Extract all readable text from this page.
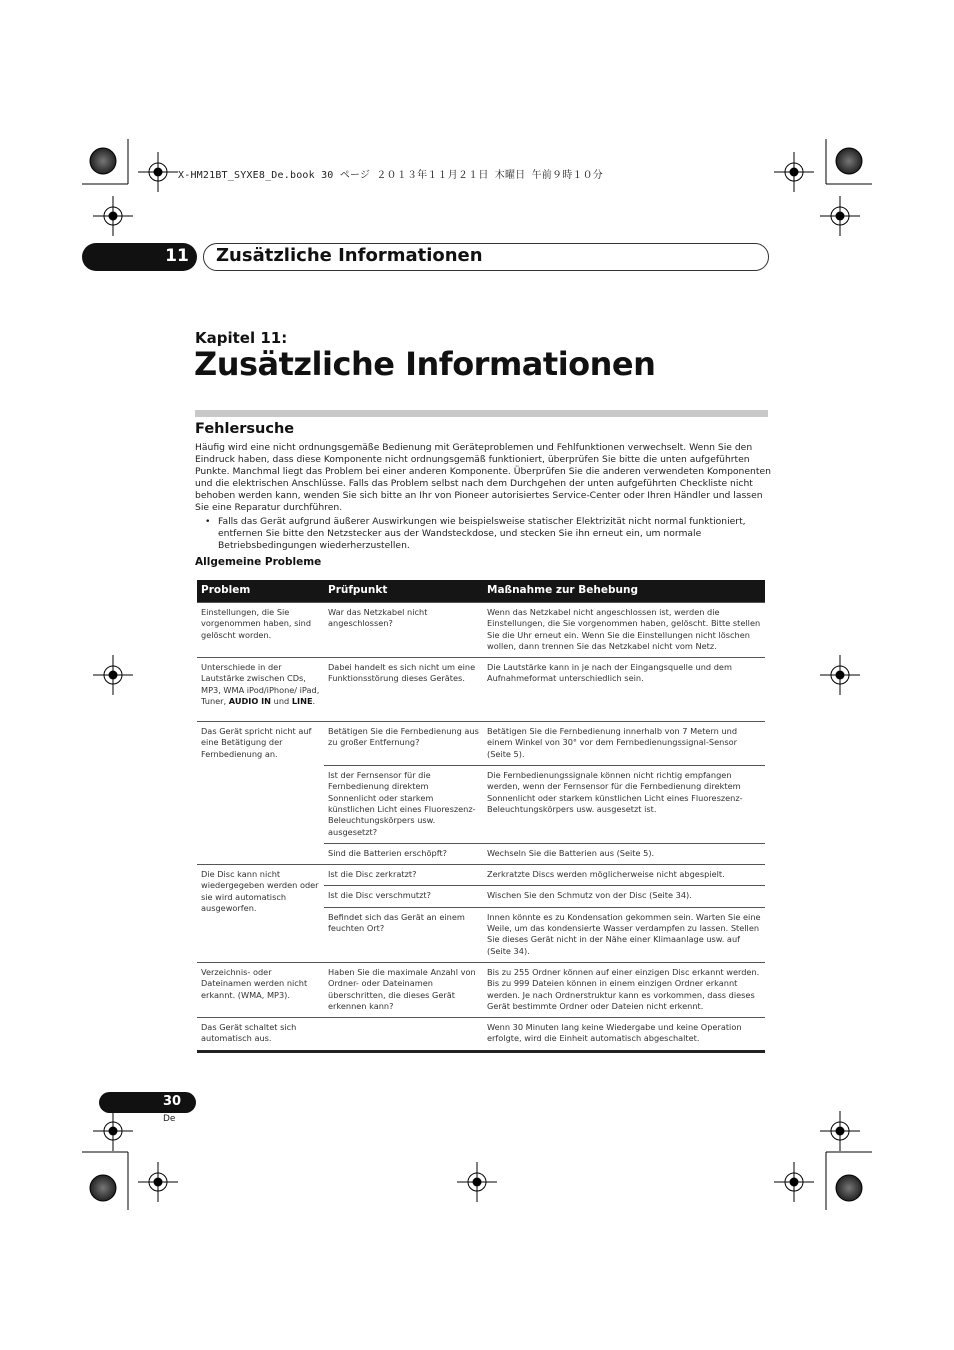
X-HM21BT_SYXE8_De.book 30 ページ ２０１３年１１月２１日 木曜日 午前９時１０分
11 Zusätzliche Informationen
Kapitel 11:
Zusätzliche Informationen
Fehlersuche
Häufig wird eine nicht ordnungsgemäße Bedienung mit Geräteproblemen und Fehlfunktionen verwechselt. Wenn Sie den Eindruck haben, dass diese Komponente nicht ordnungsgemäß funktioniert, überprüfen Sie bitte die unten aufgeführten Punkte. Manchmal liegt das Problem bei einer anderen Komponente. Überprüfen Sie die anderen verwendeten Komponenten und die elektrischen Anschlüsse. Falls das Problem selbst nach dem Durchgehen der unten aufgeführten Checkliste nicht behoben werden kann, wenden Sie sich bitte an Ihr von Pioneer autorisiertes Service-Center oder Ihren Händler und lassen Sie eine Reparatur durchführen.
• Falls das Gerät aufgrund äußerer Auswirkungen wie beispielsweise statischer Elektrizität nicht normal funktioniert, entfernen Sie bitte den Netzstecker aus der Wandsteckdose, und stecken Sie ihn erneut ein, um normale Betriebsbedingungen wiederherzustellen.
Allgemeine Probleme
Problem	Prüfpunkt	Maßnahme zur Behebung
Einstellungen, die Sie vorgenommen haben, sind gelöscht worden.	War das Netzkabel nicht angeschlossen?	Wenn das Netzkabel nicht angeschlossen ist, werden die Einstellungen, die Sie vorgenommen haben, gelöscht. Bitte stellen Sie die Uhr erneut ein. Wenn Sie die Einstellungen nicht löschen wollen, dann trennen Sie das Netzkabel nicht vom Netz.
Unterschiede in der Lautstärke zwischen CDs, MP3, WMA iPod/iPhone/ iPad, Tuner, AUDIO IN und LINE.	Dabei handelt es sich nicht um eine Funktionsstörung dieses Gerätes.	Die Lautstärke kann in je nach der Eingangsquelle und dem Aufnahmeformat unterschiedlich sein.
Das Gerät spricht nicht auf eine Betätigung der Fernbedienung an.	Betätigen Sie die Fernbedienung aus zu großer Entfernung?	Betätigen Sie die Fernbedienung innerhalb von 7 Metern und einem Winkel von 30° vor dem Fernbedienungssignal-Sensor (Seite 5).
	Ist der Fernsensor für die Fernbedienung direktem Sonnenlicht oder starkem künstlichen Licht eines Fluoreszenz-Beleuchtungskörpers usw. ausgesetzt?	Die Fernbedienungssignale können nicht richtig empfangen werden, wenn der Fernsensor für die Fernbedienung direktem Sonnenlicht oder starkem künstlichen Licht eines Fluoreszenz-Beleuchtungskörpers usw. ausgesetzt ist.
	Sind die Batterien erschöpft?	Wechseln Sie die Batterien aus (Seite 5).
Die Disc kann nicht wiedergegeben werden oder sie wird automatisch ausgeworfen.	Ist die Disc zerkratzt?	Zerkratzte Discs werden möglicherweise nicht abgespielt.
	Ist die Disc verschmutzt?	Wischen Sie den Schmutz von der Disc (Seite 34).
	Befindet sich das Gerät an einem feuchten Ort?	Innen könnte es zu Kondensation gekommen sein. Warten Sie eine Weile, um das kondensierte Wasser verdampfen zu lassen. Stellen Sie dieses Gerät nicht in der Nähe einer Klimaanlage usw. auf (Seite 34).
Verzeichnis- oder Dateinamen werden nicht erkannt. (WMA, MP3).	Haben Sie die maximale Anzahl von Ordner- oder Dateinamen überschritten, die dieses Gerät erkennen kann?	Bis zu 255 Ordner können auf einer einzigen Disc erkannt werden. Bis zu 999 Dateien können in einem einzigen Ordner erkannt werden. Je nach Ordnerstruktur kann es vorkommen, dass dieses Gerät bestimmte Ordner oder Dateien nicht erkennt.
Das Gerät schaltet sich automatisch aus.		Wenn 30 Minuten lang keine Wiedergabe und keine Operation erfolgte, wird die Einheit automatisch abgeschaltet.
30
De
